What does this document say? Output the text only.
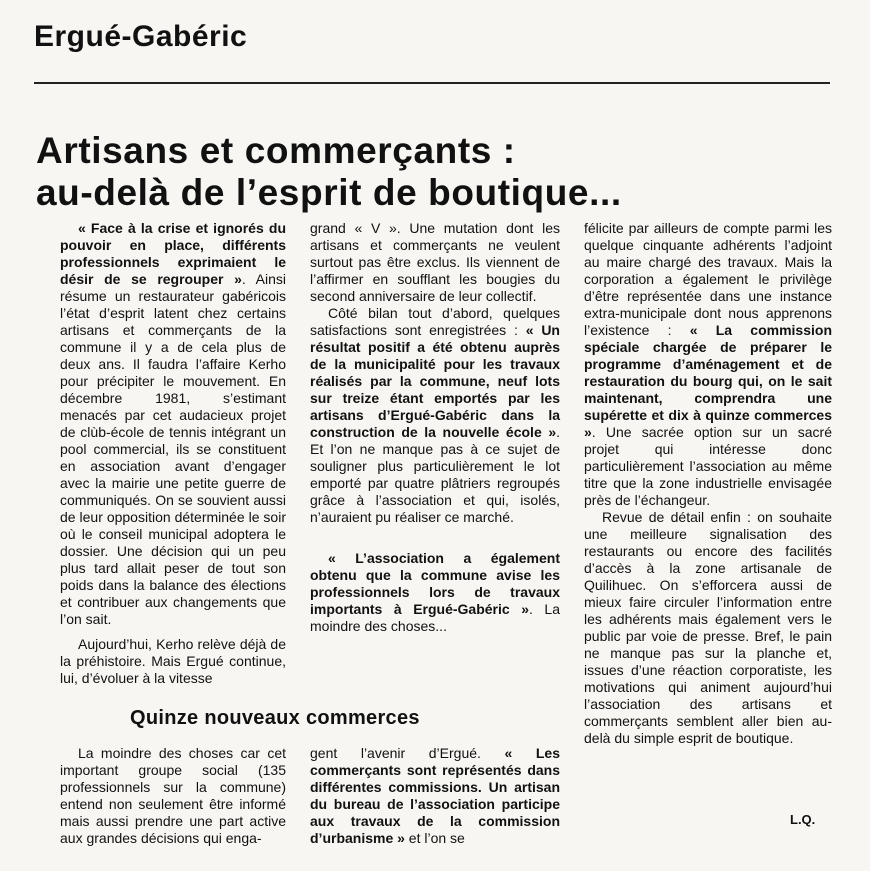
Ergué-Gabéric
Artisans et commerçants :
au-delà de l’esprit de boutique...

« Face à la crise et ignorés du pouvoir en place, différents professionnels exprimaient le désir de se regrouper ». Ainsi résume un restaurateur gabéricois l’état d’esprit latent chez certains artisans et commerçants de la commune il y a de cela plus de deux ans. Il faudra l’affaire Kerho pour précipiter le mouvement. En décembre 1981, s’estimant menacés par cet audacieux projet de clùb-école de tennis intégrant un pool commercial, ils se constituent en association avant d’engager avec la mairie une petite guerre de communiqués. On se souvient aussi de leur opposition déterminée le soir où le conseil municipal adoptera le dossier. Une décision qui un peu plus tard allait peser de tout son poids dans la balance des élections et contribuer aux changements que l’on sait.

Aujourd’hui, Kerho relève déjà de la préhistoire. Mais Ergué continue, lui, d’évoluer à la vitesse

grand « V ». Une mutation dont les artisans et commerçants ne veulent surtout pas être exclus. Ils viennent de l’affirmer en soufflant les bougies du second anniversaire de leur collectif.

Côté bilan tout d’abord, quelques satisfactions sont enregistrées : « Un résultat positif a été obtenu auprès de la municipalité pour les travaux réalisés par la commune, neuf lots sur treize étant emportés par les artisans d’Ergué-Gabéric dans la construction de la nouvelle école ». Et l’on ne manque pas à ce sujet de souligner plus particulièrement le lot emporté par quatre plâtriers regroupés grâce à l’association et qui, isolés, n’auraient pu réaliser ce marché.

« L’association a également obtenu que la commune avise les professionnels lors de travaux importants à Ergué-Gabéric ». La moindre des choses...

félicite par ailleurs de compte parmi les quelque cinquante adhérents l’adjoint au maire chargé des travaux. Mais la corporation a également le privilège d’être représentée dans une instance extra-municipale dont nous apprenons l’existence : « La commission spéciale chargée de préparer le programme d’aménagement et de restauration du bourg qui, on le sait maintenant, comprendra une supérette et dix à quinze commerces ». Une sacrée option sur un sacré projet qui intéresse donc particulièrement l’association au même titre que la zone industrielle envisagée près de l’échangeur.

Revue de détail enfin : on souhaite une meilleure signalisation des restaurants ou encore des facilités d’accès à la zone artisanale de Quilihuec. On s’efforcera aussi de mieux faire circuler l’information entre les adhérents mais également vers le public par voie de presse. Bref, le pain ne manque pas sur la planche et, issues d’une réaction corporatiste, les motivations qui animent aujourd’hui l’association des artisans et commerçants semblent aller bien au-delà du simple esprit de boutique.

L.Q.
Quinze nouveaux commerces

La moindre des choses car cet important groupe social (135 professionnels sur la commune) entend non seulement être informé mais aussi prendre une part active aux grandes décisions qui enga-

gent l’avenir d’Ergué. « Les commerçants sont représentés dans différentes commissions. Un artisan du bureau de l’association participe aux travaux de la commission d’urbanisme » et l’on se
